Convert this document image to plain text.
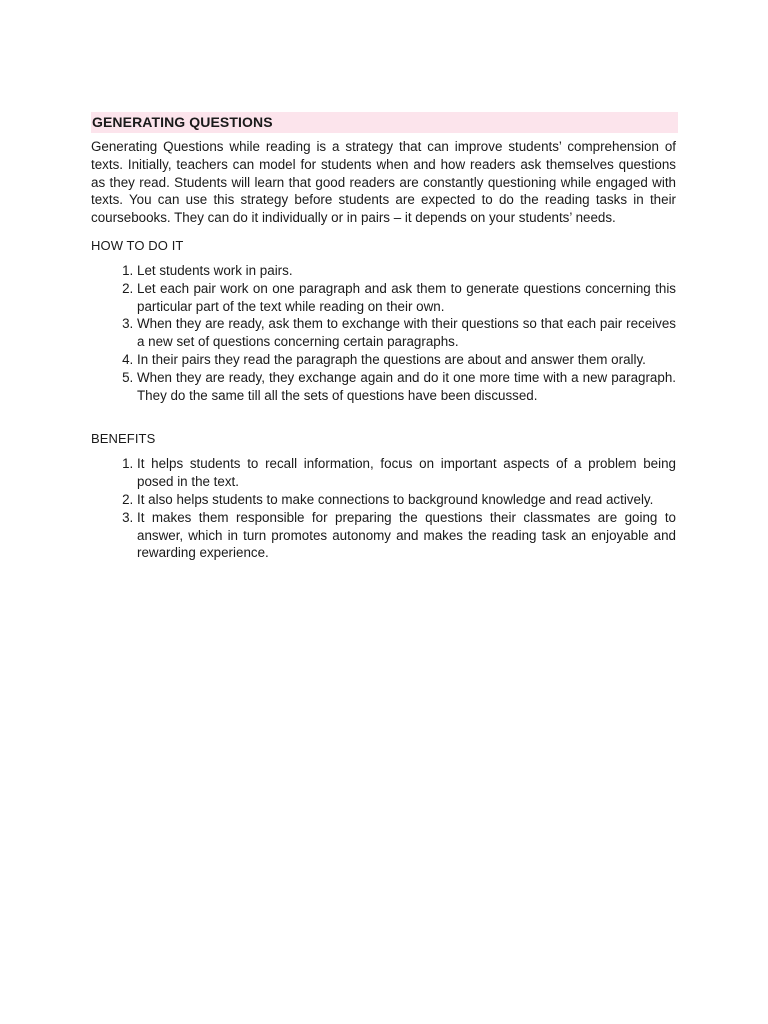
GENERATING QUESTIONS

Generating Questions while reading is a strategy that can improve students’ comprehension of texts. Initially, teachers can model for students when and how readers ask themselves questions as they read. Students will learn that good readers are constantly questioning while engaged with texts. You can use this strategy before students are expected to do the reading tasks in their coursebooks. They can do it individually or in pairs – it depends on your students’ needs.

HOW TO DO IT
1. Let students work in pairs.
2. Let each pair work on one paragraph and ask them to generate questions concerning this particular part of the text while reading on their own.
3. When they are ready, ask them to exchange with their questions so that each pair receives a new set of questions concerning certain paragraphs.
4. In their pairs they read the paragraph the questions are about and answer them orally.
5. When they are ready, they exchange again and do it one more time with a new paragraph. They do the same till all the sets of questions have been discussed.
BENEFITS
1. It helps students to recall information, focus on important aspects of a problem being posed in the text.
2. It also helps students to make connections to background knowledge and read actively.
3. It makes them responsible for preparing the questions their classmates are going to answer, which in turn promotes autonomy and makes the reading task an enjoyable and rewarding experience.
